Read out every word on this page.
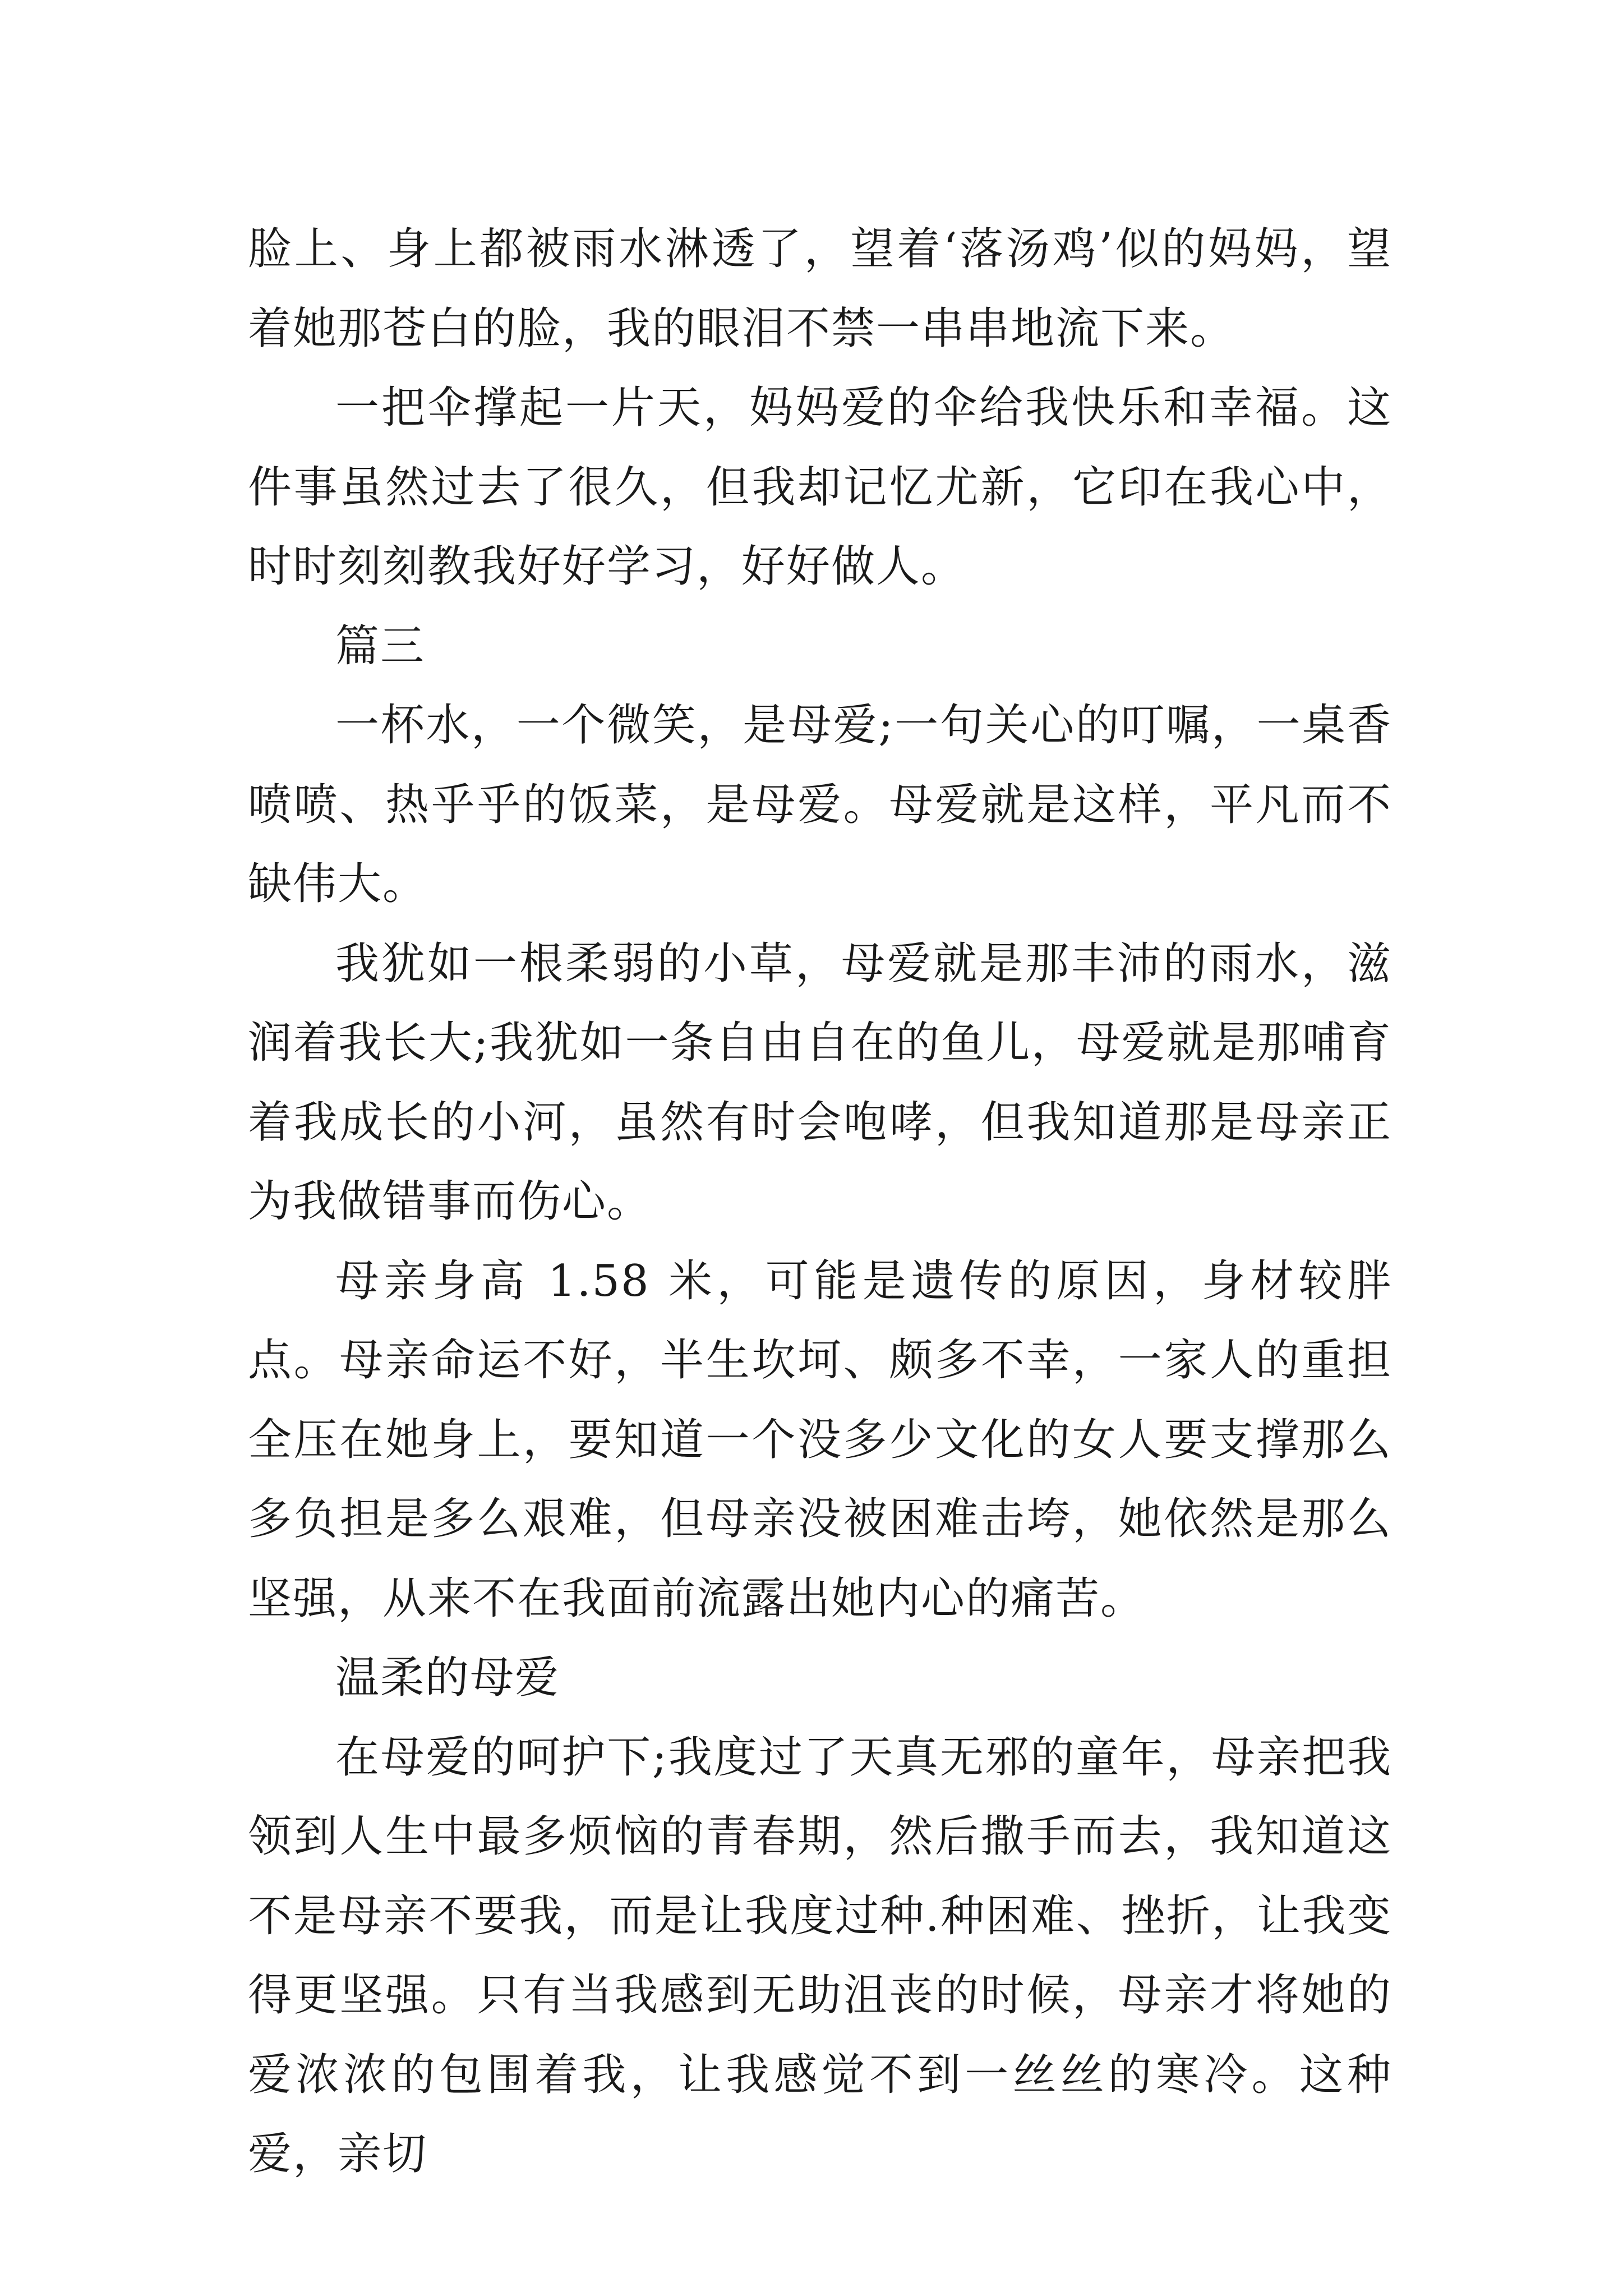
脸上、身上都被雨水淋透了，望着‘落汤鸡’似的妈妈，望着她那苍白的脸，我的眼泪不禁一串串地流下来。

一把伞撑起一片天，妈妈爱的伞给我快乐和幸福。这件事虽然过去了很久，但我却记忆尤新，它印在我心中，时时刻刻教我好好学习，好好做人。

篇三

一杯水，一个微笑，是母爱;一句关心的叮嘱，一桌香喷喷、热乎乎的饭菜，是母爱。母爱就是这样，平凡而不缺伟大。

我犹如一根柔弱的小草，母爱就是那丰沛的雨水，滋润着我长大;我犹如一条自由自在的鱼儿，母爱就是那哺育着我成长的小河，虽然有时会咆哮，但我知道那是母亲正为我做错事而伤心。

母亲身高 1.58 米，可能是遗传的原因，身材较胖点。母亲命运不好，半生坎坷、颇多不幸，一家人的重担全压在她身上，要知道一个没多少文化的女人要支撑那么多负担是多么艰难，但母亲没被困难击垮，她依然是那么坚强，从来不在我面前流露出她内心的痛苦。

温柔的母爱

在母爱的呵护下;我度过了天真无邪的童年，母亲把我领到人生中最多烦恼的青春期，然后撒手而去，我知道这不是母亲不要我，而是让我度过种.种困难、挫折，让我变得更坚强。只有当我感到无助沮丧的时候，母亲才将她的爱浓浓的包围着我，让我感觉不到一丝丝的寒冷。这种爱，亲切
